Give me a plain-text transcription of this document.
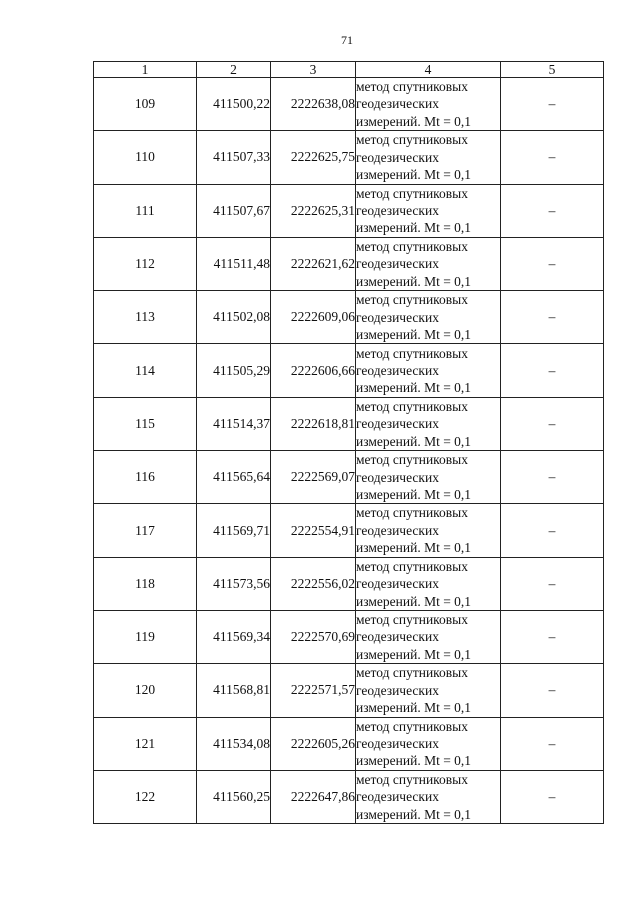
71
1	2	3	4	5
109	411500,22	2222638,08	метод спутниковых геодезических измерений. Mt = 0,1	–
110	411507,33	2222625,75	метод спутниковых геодезических измерений. Mt = 0,1	–
111	411507,67	2222625,31	метод спутниковых геодезических измерений. Mt = 0,1	–
112	411511,48	2222621,62	метод спутниковых геодезических измерений. Mt = 0,1	–
113	411502,08	2222609,06	метод спутниковых геодезических измерений. Mt = 0,1	–
114	411505,29	2222606,66	метод спутниковых геодезических измерений. Mt = 0,1	–
115	411514,37	2222618,81	метод спутниковых геодезических измерений. Mt = 0,1	–
116	411565,64	2222569,07	метод спутниковых геодезических измерений. Mt = 0,1	–
117	411569,71	2222554,91	метод спутниковых геодезических измерений. Mt = 0,1	–
118	411573,56	2222556,02	метод спутниковых геодезических измерений. Mt = 0,1	–
119	411569,34	2222570,69	метод спутниковых геодезических измерений. Mt = 0,1	–
120	411568,81	2222571,57	метод спутниковых геодезических измерений. Mt = 0,1	–
121	411534,08	2222605,26	метод спутниковых геодезических измерений. Mt = 0,1	–
122	411560,25	2222647,86	метод спутниковых геодезических измерений. Mt = 0,1	–
